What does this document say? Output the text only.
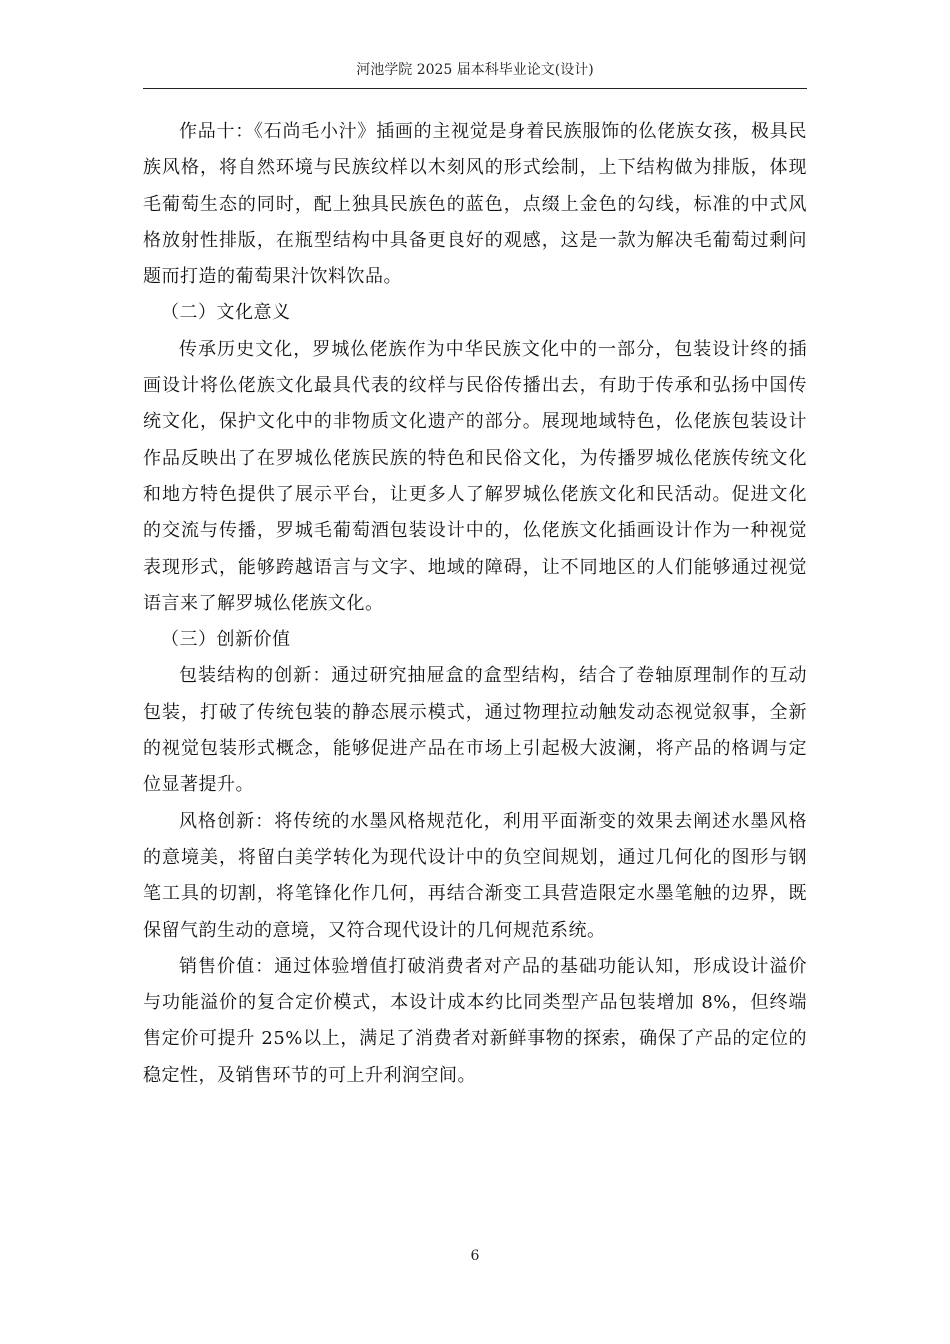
河池学院 2025 届本科毕业论文(设计)

作品十：《石尚毛小汁》插画的主视觉是身着民族服饰的仫佬族女孩，极具民族风格，将自然环境与民族纹样以木刻风的形式绘制，上下结构做为排版，体现毛葡萄生态的同时，配上独具民族色的蓝色，点缀上金色的勾线，标准的中式风格放射性排版，在瓶型结构中具备更良好的观感，这是一款为解决毛葡萄过剩问题而打造的葡萄果汁饮料饮品。

（二）文化意义

传承历史文化，罗城仫佬族作为中华民族文化中的一部分，包装设计终的插画设计将仫佬族文化最具代表的纹样与民俗传播出去，有助于传承和弘扬中国传统文化，保护文化中的非物质文化遗产的部分。展现地域特色，仫佬族包装设计作品反映出了在罗城仫佬族民族的特色和民俗文化，为传播罗城仫佬族传统文化和地方特色提供了展示平台，让更多人了解罗城仫佬族文化和民活动。促进文化的交流与传播，罗城毛葡萄酒包装设计中的，仫佬族文化插画设计作为一种视觉表现形式，能够跨越语言与文字、地域的障碍，让不同地区的人们能够通过视觉语言来了解罗城仫佬族文化。

（三）创新价值

包装结构的创新：通过研究抽屉盒的盒型结构，结合了卷轴原理制作的互动包装，打破了传统包装的静态展示模式，通过物理拉动触发动态视觉叙事，全新的视觉包装形式概念，能够促进产品在市场上引起极大波澜，将产品的格调与定位显著提升。

风格创新：将传统的水墨风格规范化，利用平面渐变的效果去阐述水墨风格的意境美，将留白美学转化为现代设计中的负空间规划，通过几何化的图形与钢笔工具的切割，将笔锋化作几何，再结合渐变工具营造限定水墨笔触的边界，既保留气韵生动的意境，又符合现代设计的几何规范系统。

销售价值：通过体验增值打破消费者对产品的基础功能认知，形成设计溢价与功能溢价的复合定价模式，本设计成本约比同类型产品包装增加 8%，但终端售定价可提升 25%以上，满足了消费者对新鲜事物的探索，确保了产品的定位的稳定性，及销售环节的可上升利润空间。

6
